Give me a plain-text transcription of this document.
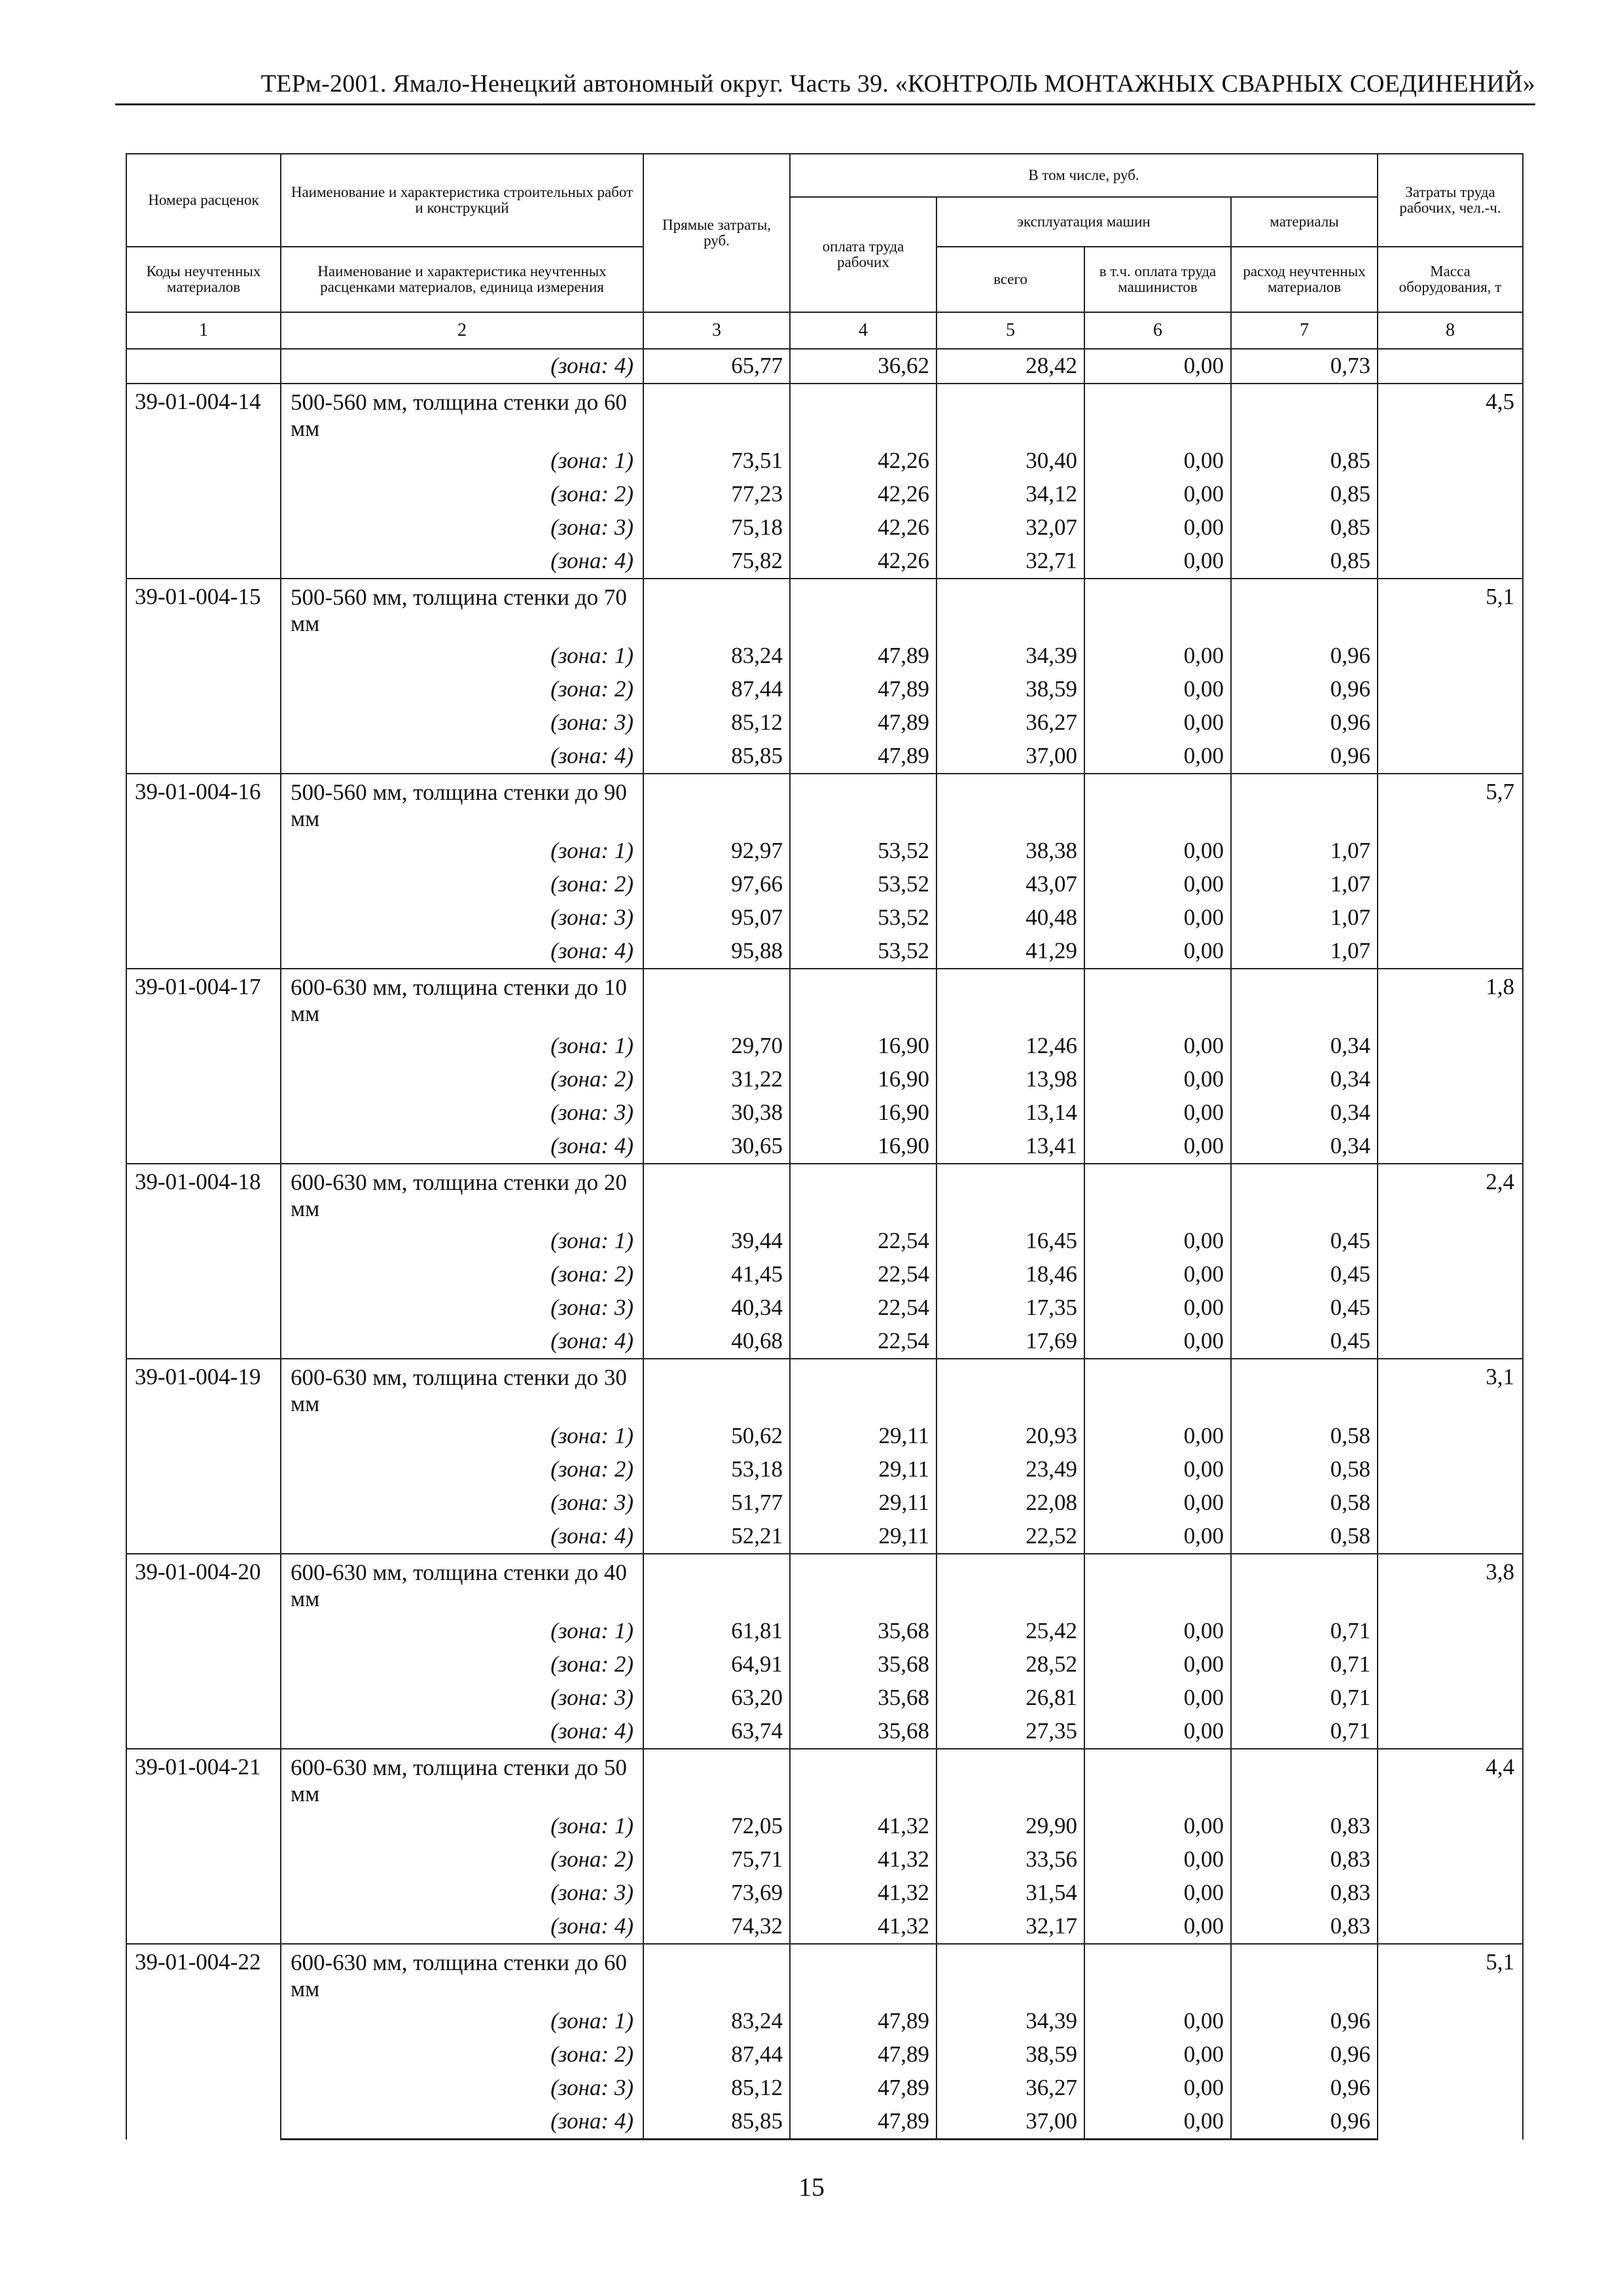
ТЕРм-2001. Ямало-Ненецкий автономный округ. Часть 39. «КОНТРОЛЬ МОНТАЖНЫХ СВАРНЫХ СОЕДИНЕНИЙ»
Номера расценок	Наименование и характеристика строительных работ и конструкций	Прямые затраты, руб.	В том числе, руб.				Затраты труда рабочих, чел.-ч.
			оплата труда рабочих	эксплуатация машин		материалы	
Коды неучтенных материалов	Наименование и характеристика неучтенных расценками материалов, единица измерения			всего	в т.ч. оплата труда машинистов	расход неучтенных материалов	Масса оборудования, т
1	2	3	4	5	6	7	8
	(зона: 4)	65,77	36,62	28,42	0,00	0,73	
39-01-004-14	500-560 мм, толщина стенки до 60 мм						4,5
	(зона: 1)	73,51	42,26	30,40	0,00	0,85	
	(зона: 2)	77,23	42,26	34,12	0,00	0,85	
	(зона: 3)	75,18	42,26	32,07	0,00	0,85	
	(зона: 4)	75,82	42,26	32,71	0,00	0,85	
39-01-004-15	500-560 мм, толщина стенки до 70 мм						5,1
	(зона: 1)	83,24	47,89	34,39	0,00	0,96	
	(зона: 2)	87,44	47,89	38,59	0,00	0,96	
	(зона: 3)	85,12	47,89	36,27	0,00	0,96	
	(зона: 4)	85,85	47,89	37,00	0,00	0,96	
39-01-004-16	500-560 мм, толщина стенки до 90 мм						5,7
	(зона: 1)	92,97	53,52	38,38	0,00	1,07	
	(зона: 2)	97,66	53,52	43,07	0,00	1,07	
	(зона: 3)	95,07	53,52	40,48	0,00	1,07	
	(зона: 4)	95,88	53,52	41,29	0,00	1,07	
39-01-004-17	600-630 мм, толщина стенки до 10 мм						1,8
	(зона: 1)	29,70	16,90	12,46	0,00	0,34	
	(зона: 2)	31,22	16,90	13,98	0,00	0,34	
	(зона: 3)	30,38	16,90	13,14	0,00	0,34	
	(зона: 4)	30,65	16,90	13,41	0,00	0,34	
39-01-004-18	600-630 мм, толщина стенки до 20 мм						2,4
	(зона: 1)	39,44	22,54	16,45	0,00	0,45	
	(зона: 2)	41,45	22,54	18,46	0,00	0,45	
	(зона: 3)	40,34	22,54	17,35	0,00	0,45	
	(зона: 4)	40,68	22,54	17,69	0,00	0,45	
39-01-004-19	600-630 мм, толщина стенки до 30 мм						3,1
	(зона: 1)	50,62	29,11	20,93	0,00	0,58	
	(зона: 2)	53,18	29,11	23,49	0,00	0,58	
	(зона: 3)	51,77	29,11	22,08	0,00	0,58	
	(зона: 4)	52,21	29,11	22,52	0,00	0,58	
39-01-004-20	600-630 мм, толщина стенки до 40 мм						3,8
	(зона: 1)	61,81	35,68	25,42	0,00	0,71	
	(зона: 2)	64,91	35,68	28,52	0,00	0,71	
	(зона: 3)	63,20	35,68	26,81	0,00	0,71	
	(зона: 4)	63,74	35,68	27,35	0,00	0,71	
39-01-004-21	600-630 мм, толщина стенки до 50 мм						4,4
	(зона: 1)	72,05	41,32	29,90	0,00	0,83	
	(зона: 2)	75,71	41,32	33,56	0,00	0,83	
	(зона: 3)	73,69	41,32	31,54	0,00	0,83	
	(зона: 4)	74,32	41,32	32,17	0,00	0,83	
39-01-004-22	600-630 мм, толщина стенки до 60 мм						5,1
	(зона: 1)	83,24	47,89	34,39	0,00	0,96	
	(зона: 2)	87,44	47,89	38,59	0,00	0,96	
	(зона: 3)	85,12	47,89	36,27	0,00	0,96	
	(зона: 4)	85,85	47,89	37,00	0,00	0,96	
15
